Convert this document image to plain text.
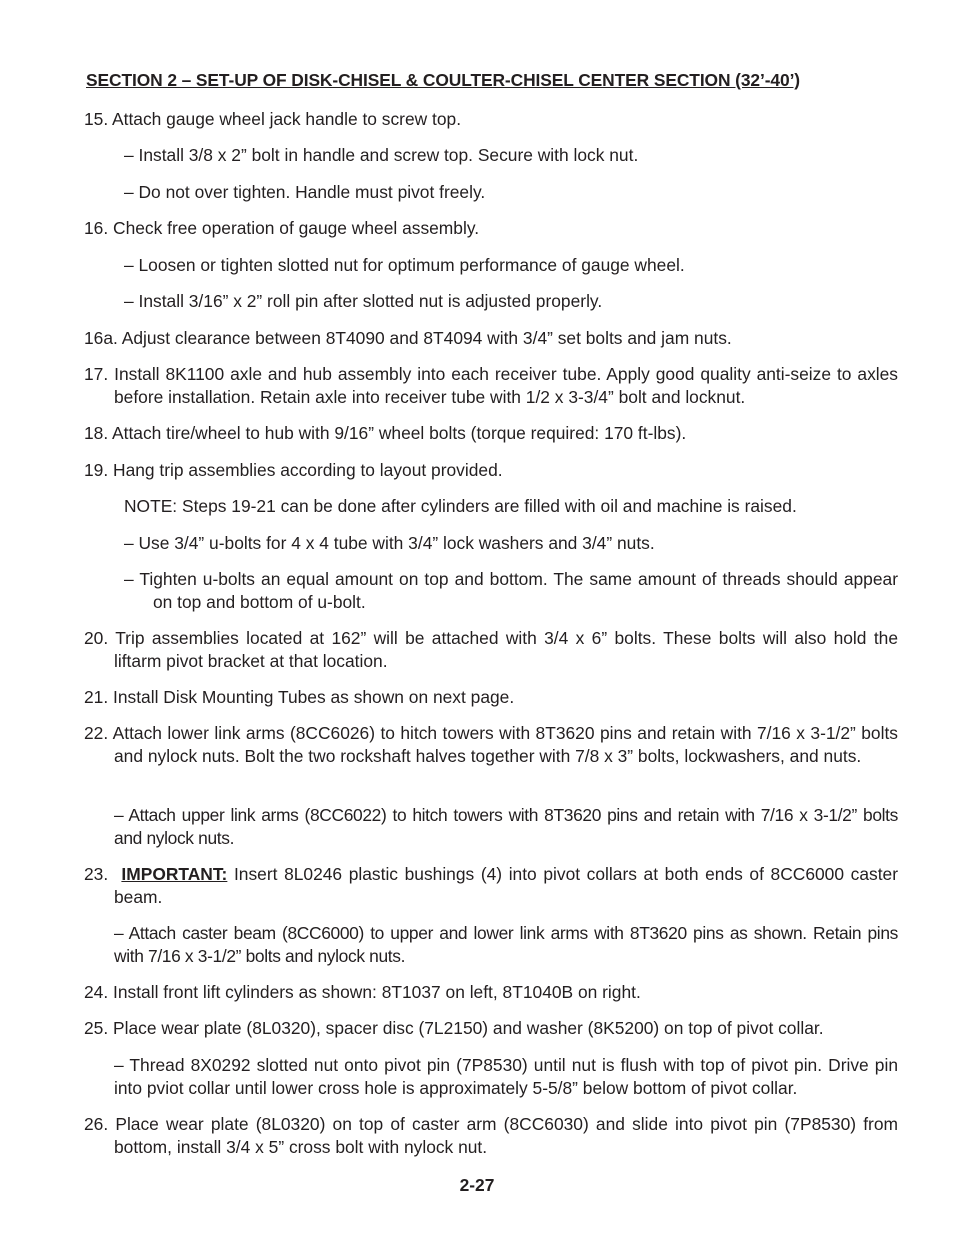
SECTION 2 – SET-UP OF DISK-CHISEL & COULTER-CHISEL CENTER SECTION (32’-40’)
15. Attach gauge wheel jack handle to screw top.
– Install 3/8 x 2” bolt in handle and screw top. Secure with lock nut.
– Do not over tighten. Handle must pivot freely.
16. Check free operation of gauge wheel assembly.
– Loosen or tighten slotted nut for optimum performance of gauge wheel.
– Install 3/16” x 2” roll pin after slotted nut is adjusted properly.
16a. Adjust clearance between 8T4090 and 8T4094 with 3/4” set bolts and jam nuts.
17. Install 8K1100 axle and hub assembly into each receiver tube. Apply good quality anti-seize to axles before installation. Retain axle into receiver tube with 1/2 x 3-3/4” bolt and locknut.
18. Attach tire/wheel to hub with 9/16” wheel bolts (torque required: 170 ft-lbs).
19. Hang trip assemblies according to layout provided.
NOTE: Steps 19-21 can be done after cylinders are filled with oil and machine is raised.
– Use 3/4” u-bolts for 4 x 4 tube with 3/4” lock washers and 3/4” nuts.
– Tighten u-bolts an equal amount on top and bottom. The same amount of threads should appear on top and bottom of u-bolt.
20. Trip assemblies located at 162” will be attached with 3/4 x 6” bolts. These bolts will also hold the liftarm pivot bracket at that location.
21. Install Disk Mounting Tubes as shown on next page.
22. Attach lower link arms (8CC6026) to hitch towers with 8T3620 pins and retain with 7/16 x 3-1/2” bolts and nylock nuts. Bolt the two rockshaft halves together with 7/8 x 3” bolts, lockwashers, and nuts.
– Attach upper link arms (8CC6022) to hitch towers with 8T3620 pins and retain with 7/16 x 3-1/2” bolts and nylock nuts.
23. IMPORTANT: Insert 8L0246 plastic bushings (4) into pivot collars at both ends of 8CC6000 caster beam.
– Attach caster beam (8CC6000) to upper and lower link arms with 8T3620 pins as shown. Retain pins with 7/16 x 3-1/2” bolts and nylock nuts.
24. Install front lift cylinders as shown: 8T1037 on left, 8T1040B on right.
25. Place wear plate (8L0320), spacer disc (7L2150) and washer (8K5200) on top of pivot collar.
– Thread 8X0292 slotted nut onto pivot pin (7P8530) until nut is flush with top of pivot pin. Drive pin into pviot collar until lower cross hole is approximately 5-5/8” below bottom of pivot collar.
26. Place wear plate (8L0320) on top of caster arm (8CC6030) and slide into pivot pin (7P8530) from bottom, install 3/4 x 5” cross bolt with nylock nut.
2-27
